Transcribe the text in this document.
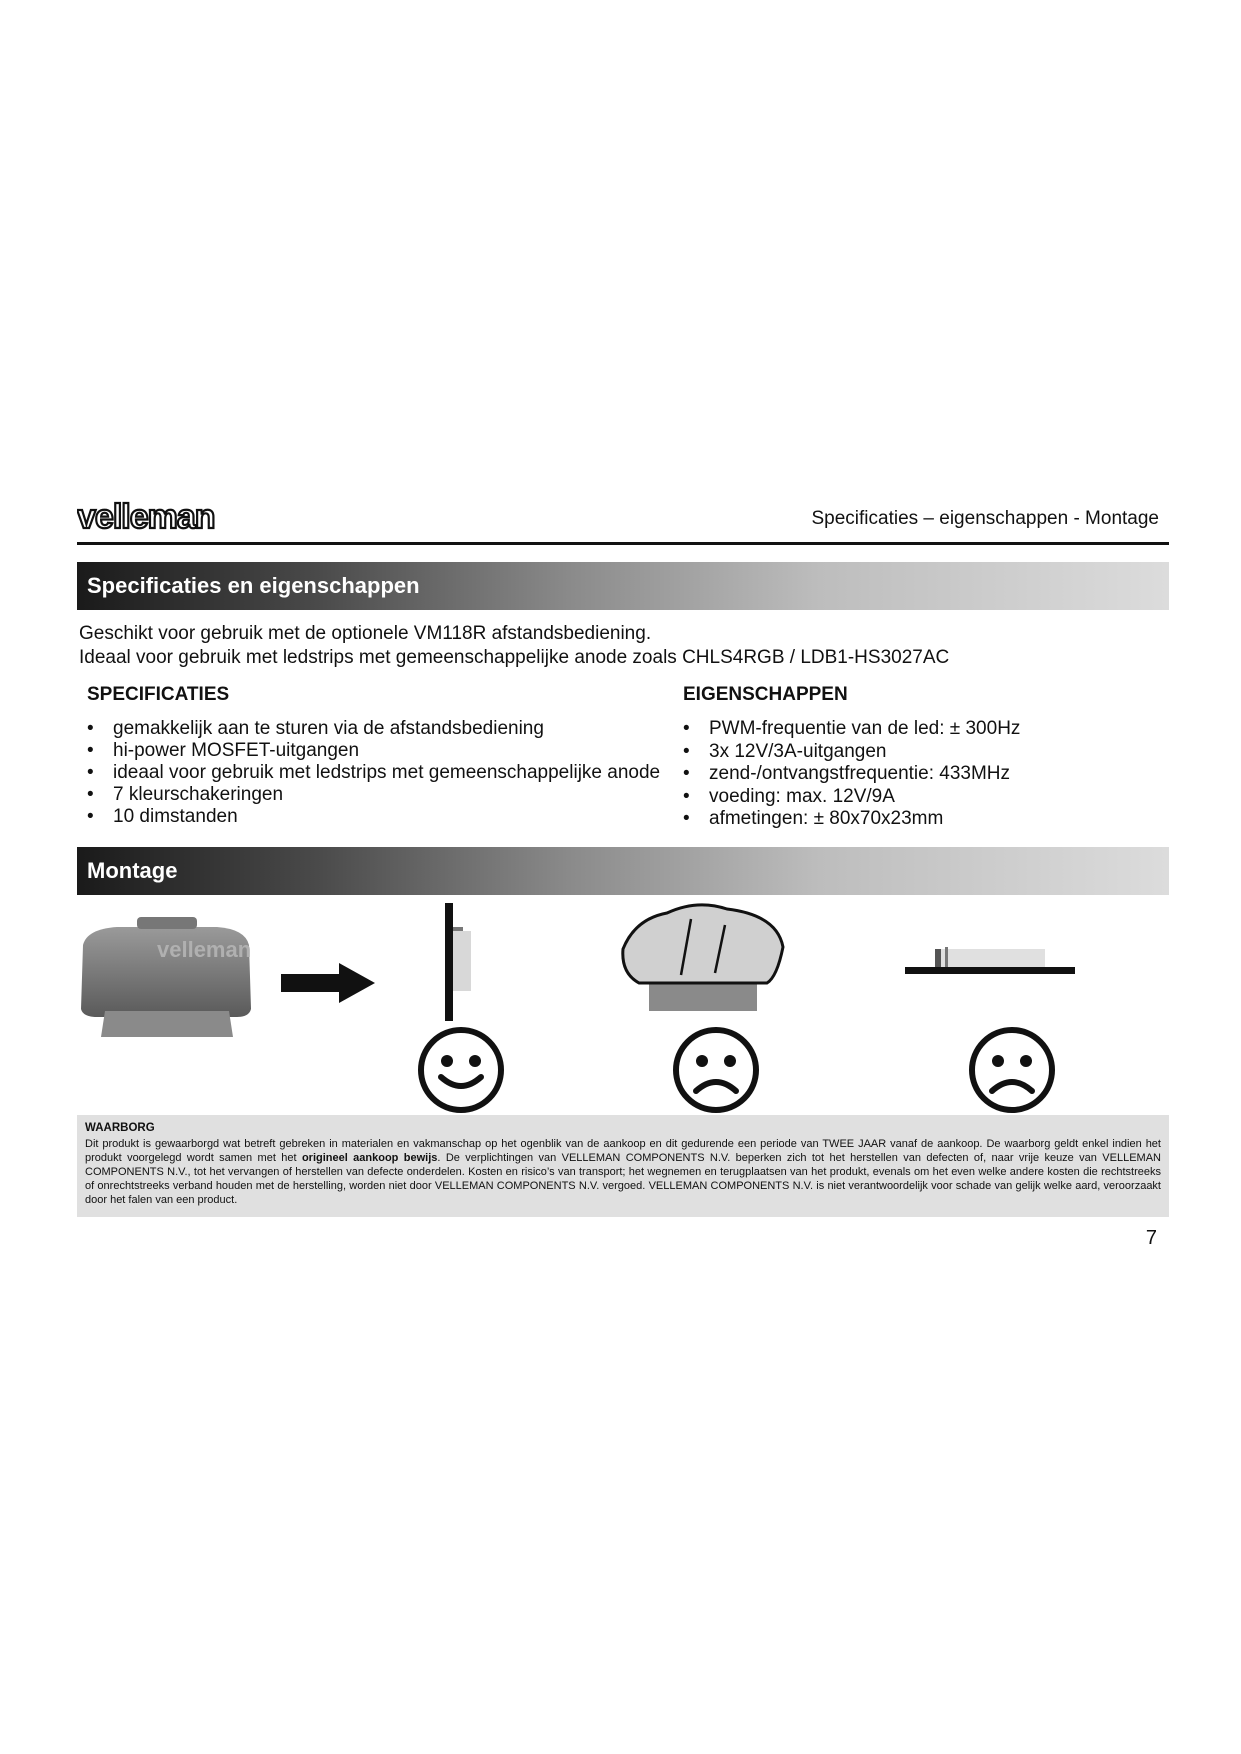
velleman	Specificaties – eigenschappen - Montage
Specificaties en eigenschappen
Geschikt voor gebruik met de optionele VM118R afstandsbediening.
Ideaal voor gebruik met ledstrips met gemeenschappelijke anode zoals CHLS4RGB / LDB1-HS3027AC
SPECIFICATIES
• gemakkelijk aan te sturen via de afstandsbediening
• hi-power MOSFET-uitgangen
• ideaal voor gebruik met ledstrips met gemeenschappelijke anode
• 7 kleurschakeringen
• 10 dimstanden
EIGENSCHAPPEN
• PWM-frequentie van de led: ± 300Hz
• 3x 12V/3A-uitgangen
• zend-/ontvangstfrequentie: 433MHz
• voeding: max. 12V/9A
• afmetingen: ± 80x70x23mm
Montage
velleman
WAARBORG
Dit produkt is gewaarborgd wat betreft gebreken in materialen en vakmanschap op het ogenblik van de aankoop en dit gedurende een periode van TWEE JAAR vanaf de aankoop. De waarborg geldt enkel indien het produkt voorgelegd wordt samen met het origineel aankoop bewijs. De verplichtingen van VELLEMAN COMPONENTS N.V. beperken zich tot het herstellen van defecten of, naar vrije keuze van VELLEMAN COMPONENTS N.V., tot het vervangen of herstellen van defecte onderdelen. Kosten en risico’s van transport; het wegnemen en terugplaatsen van het produkt, evenals om het even welke andere kosten die rechtstreeks of onrechtstreeks verband houden met de herstelling, worden niet door VELLEMAN COMPONENTS N.V. vergoed. VELLEMAN COMPONENTS N.V. is niet verantwoordelijk voor schade van gelijk welke aard, veroorzaakt door het falen van een product.
7
